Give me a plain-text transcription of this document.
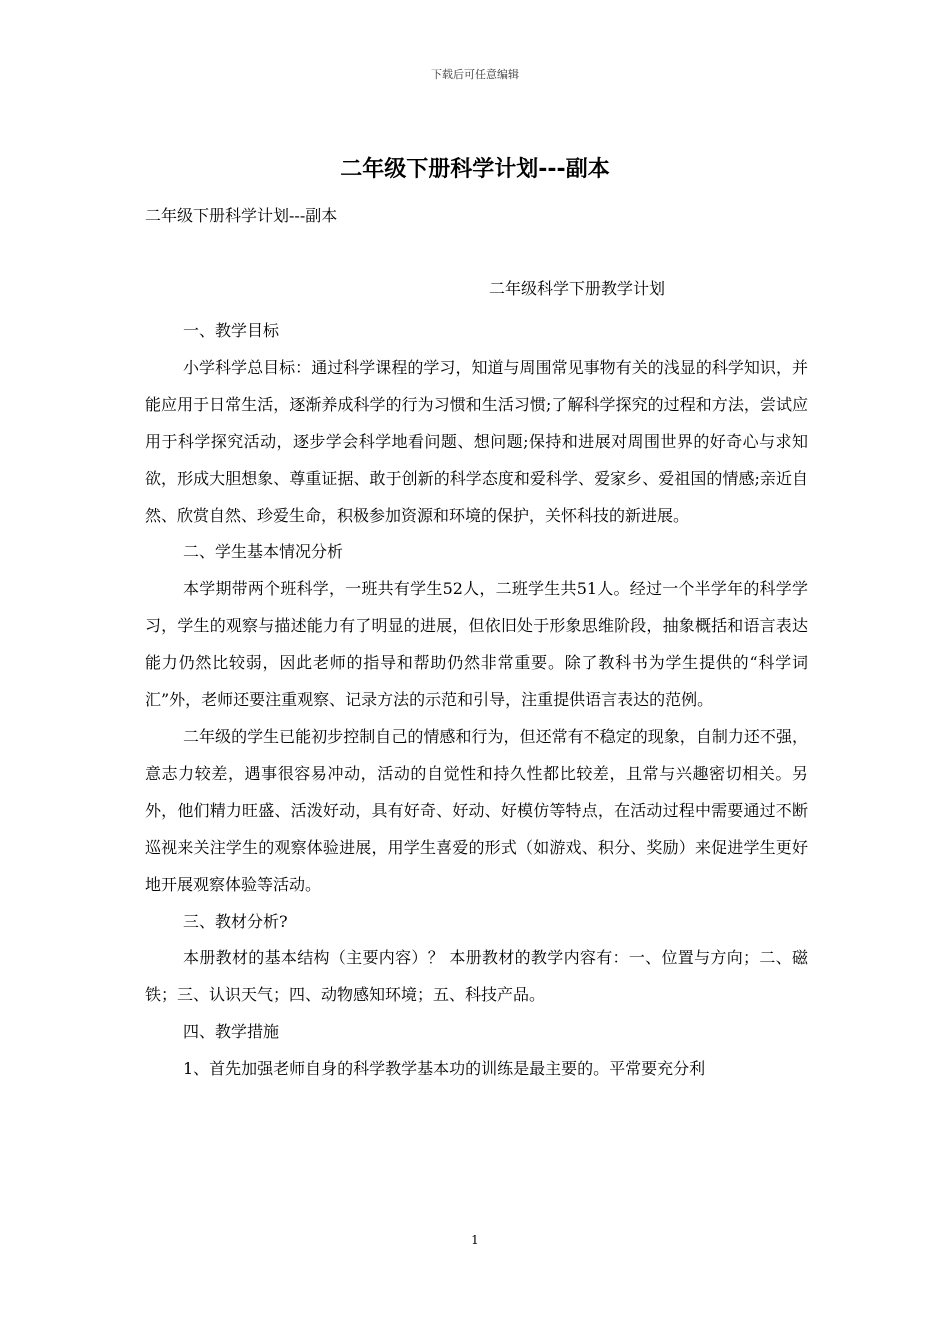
下载后可任意编辑
二年级下册科学计划---副本
二年级下册科学计划---副本
二年级科学下册教学计划

一、教学目标

小学科学总目标：通过科学课程的学习，知道与周围常见事物有关的浅显的科学知识，并能应用于日常生活，逐渐养成科学的行为习惯和生活习惯;了解科学探究的过程和方法，尝试应用于科学探究活动，逐步学会科学地看问题、想问题;保持和进展对周围世界的好奇心与求知欲，形成大胆想象、尊重证据、敢于创新的科学态度和爱科学、爱家乡、爱祖国的情感;亲近自然、欣赏自然、珍爱生命，积极参加资源和环境的保护，关怀科技的新进展。

二、学生基本情况分析

本学期带两个班科学，一班共有学生52人，二班学生共51人。经过一个半学年的科学学习，学生的观察与描述能力有了明显的进展，但依旧处于形象思维阶段，抽象概括和语言表达能力仍然比较弱，因此老师的指导和帮助仍然非常重要。除了教科书为学生提供的“科学词汇”外，老师还要注重观察、记录方法的示范和引导，注重提供语言表达的范例。

二年级的学生已能初步控制自己的情感和行为，但还常有不稳定的现象，自制力还不强，意志力较差，遇事很容易冲动，活动的自觉性和持久性都比较差，且常与兴趣密切相关。另外，他们精力旺盛、活泼好动，具有好奇、好动、好模仿等特点，在活动过程中需要通过不断巡视来关注学生的观察体验进展，用学生喜爱的形式（如游戏、积分、奖励）来促进学生更好地开展观察体验等活动。

三、教材分析?

本册教材的基本结构（主要内容）？ 本册教材的教学内容有：一、位置与方向；二、磁铁；三、认识天气；四、动物感知环境；五、科技产品。

四、教学措施

1、首先加强老师自身的科学教学基本功的训练是最主要的。平常要充分利

1
